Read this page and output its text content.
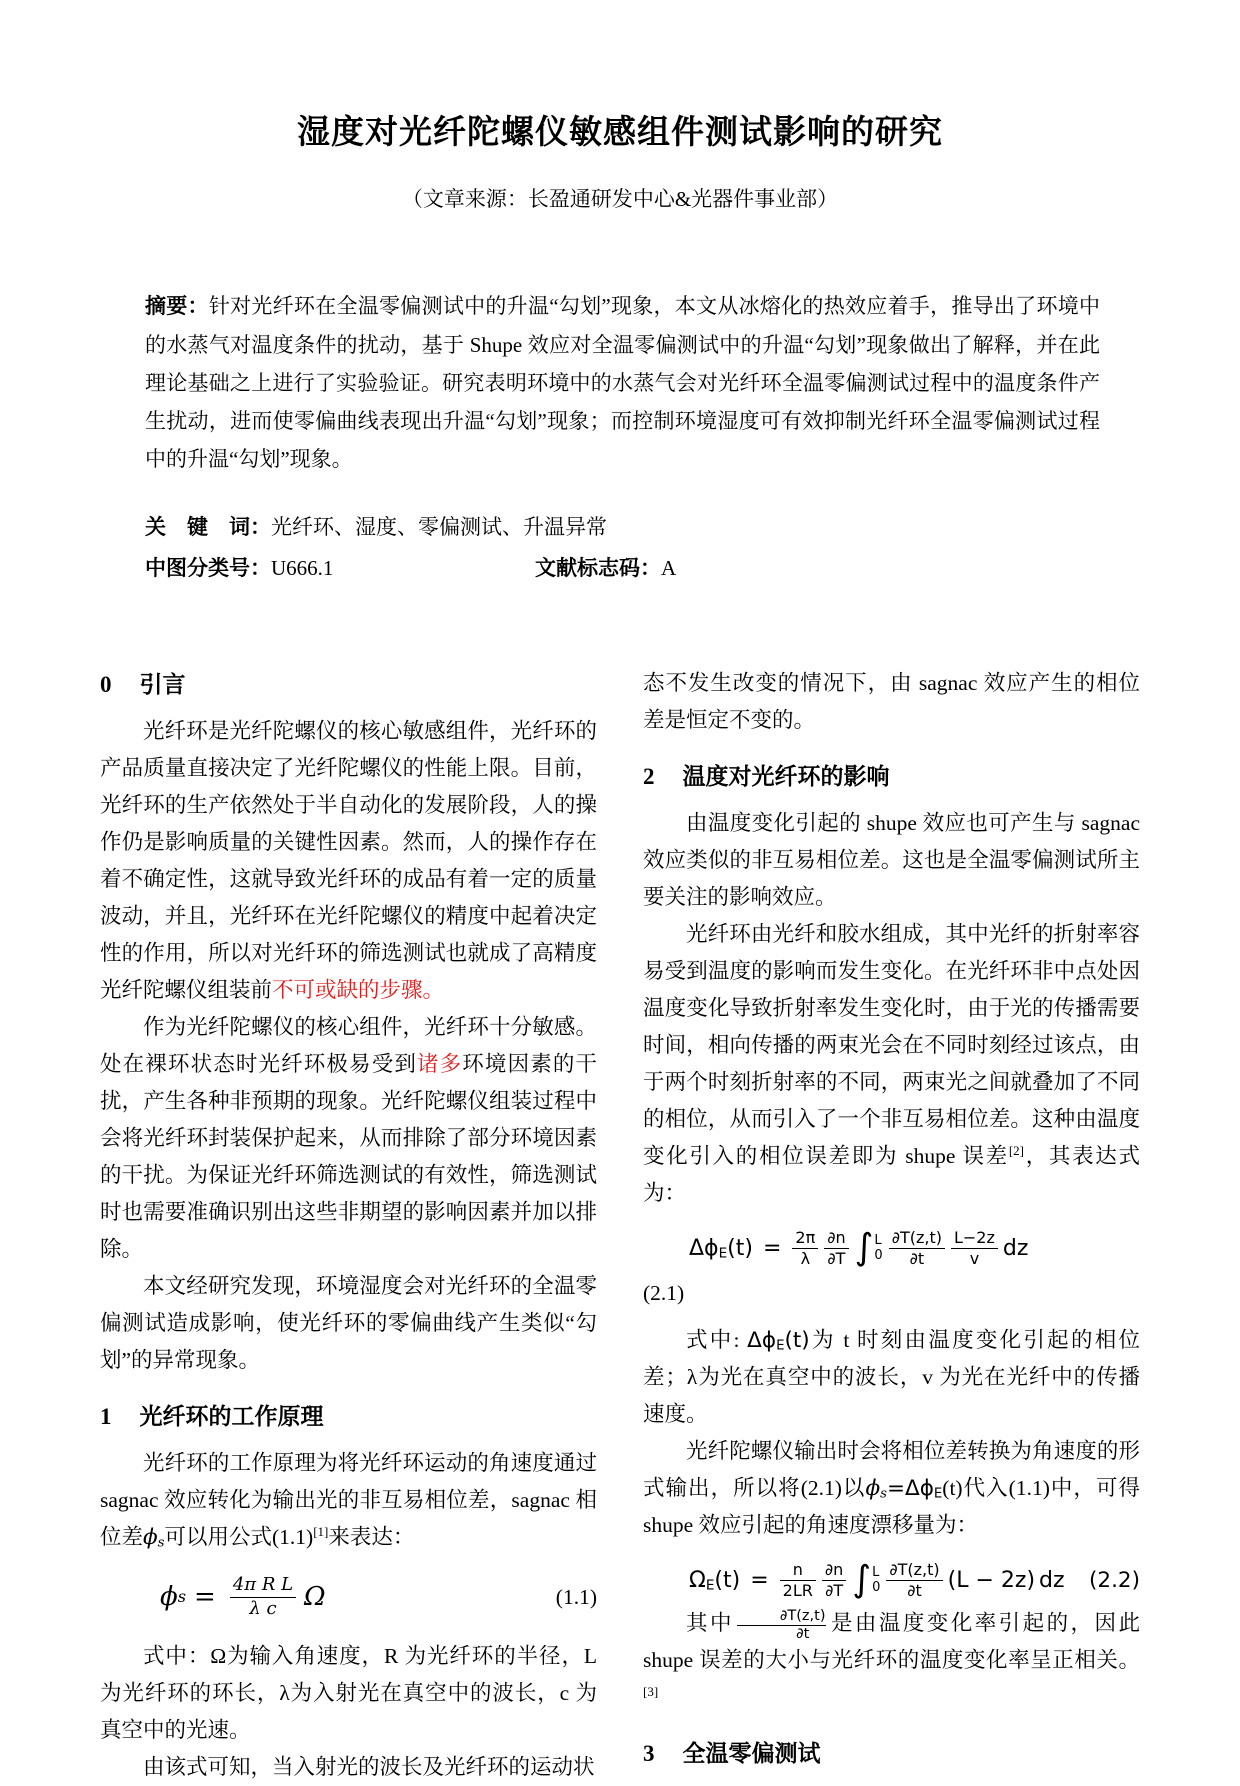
湿度对光纤陀螺仪敏感组件测试影响的研究
（文章来源：长盈通研发中心&光器件事业部）

摘要：针对光纤环在全温零偏测试中的升温“勾划”现象，本文从冰熔化的热效应着手，推导出了环境中的水蒸气对温度条件的扰动，基于 Shupe 效应对全温零偏测试中的升温“勾划”现象做出了解释，并在此理论基础之上进行了实验验证。研究表明环境中的水蒸气会对光纤环全温零偏测试过程中的温度条件产生扰动，进而使零偏曲线表现出升温“勾划”现象；而控制环境湿度可有效抑制光纤环全温零偏测试过程中的升温“勾划”现象。

关　键　词：光纤环、湿度、零偏测试、升温异常

中图分类号：U666.1	文献标志码：A
0 引言

光纤环是光纤陀螺仪的核心敏感组件，光纤环的产品质量直接决定了光纤陀螺仪的性能上限。目前，光纤环的生产依然处于半自动化的发展阶段，人的操作仍是影响质量的关键性因素。然而，人的操作存在着不确定性，这就导致光纤环的成品有着一定的质量波动，并且，光纤环在光纤陀螺仪的精度中起着决定性的作用，所以对光纤环的筛选测试也就成了高精度光纤陀螺仪组装前不可或缺的步骤。

作为光纤陀螺仪的核心组件，光纤环十分敏感。处在裸环状态时光纤环极易受到诸多环境因素的干扰，产生各种非预期的现象。光纤陀螺仪组装过程中会将光纤环封装保护起来，从而排除了部分环境因素的干扰。为保证光纤环筛选测试的有效性，筛选测试时也需要准确识别出这些非期望的影响因素并加以排除。

本文经研究发现，环境湿度会对光纤环的全温零偏测试造成影响，使光纤环的零偏曲线产生类似“勾划”的异常现象。

1 光纤环的工作原理

光纤环的工作原理为将光纤环运动的角速度通过 sagnac 效应转化为输出光的非互易相位差，sagnac 相位差$\phi_s$可以用公式(1.1)[1]来表达：

ϕ $s = \frac{\text{4π R L}}{\text{λ c}}$ Ω	(1.1)

式中：Ω为输入角速度，R 为光纤环的半径，L 为光纤环的环长，λ为入射光在真空中的波长，c 为真空中的光速。

由该式可知，当入射光的波长及光纤环的运动状

态不发生改变的情况下，由 sagnac 效应产生的相位差是恒定不变的。

2 温度对光纤环的影响

由温度变化引起的 shupe 效应也可产生与 sagnac 效应类似的非互易相位差。这也是全温零偏测试所主要关注的影响效应。

光纤环由光纤和胶水组成，其中光纤的折射率容易受到温度的影响而发生变化。在光纤环非中点处因温度变化导致折射率发生变化时，由于光的传播需要时间，相向传播的两束光会在不同时刻经过该点，由于两个时刻折射率的不同，两束光之间就叠加了不同的相位，从而引入了一个非互易相位差。这种由温度变化引入的相位误差即为 shupe 误差[2]，其表达式为：

$\Delta\phi_E(t) = \frac{2\pi}{\lambda} \frac{\partial n}{\partial T}$ ∫ L
$0 \frac{\partial T(z,t)}{\partial t} \frac{L-2z}{v}$ dz

(2.1)

式中: $\Delta\phi_E(t)$为 t 时刻由温度变化引起的相位差；λ为光在真空中的波长，v 为光在光纤中的传播速度。

光纤陀螺仪输出时会将相位差转换为角速度的形式输出，所以将(2.1)以$\phi_s=\Delta\phi_E(t)$代入(1.1)中，可得 shupe 效应引起的角速度漂移量为：

$\Omega_E(t) = \frac{n}{2LR} \frac{\partial n}{\partial T}$ ∫ L
$0 \frac{\partial T(z,t)}{\partial t} (L - 2z)$ dz (2.2)

其中 $\frac{\partial T(z,t)}{\partial t}$ 是由温度变化率引起的，因此 shupe 误差的大小与光纤环的温度变化率呈正相关。[3]

3 全温零偏测试
